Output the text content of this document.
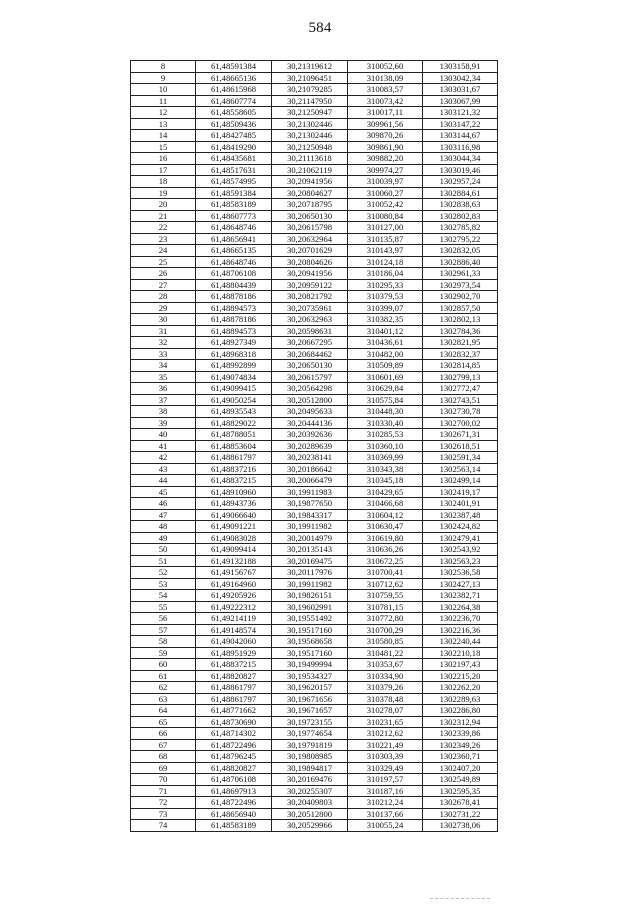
584
8	61,48591384	30,21319612	310052,60	1303158,91
9	61,48665136	30,21096451	310138,09	1303042,34
10	61,48615968	30,21079285	310083,57	1303031,67
11	61,48607774	30,21147950	310073,42	1303067,99
12	61,48558605	30,21250947	310017,11	1303121,32
13	61,48509436	30,21302446	309961,56	1303147,22
14	61,48427485	30,21302446	309870,26	1303144,67
15	61,48419290	30,21250948	309861,90	1303116,98
16	61,48435681	30,21113618	309882,20	1303044,34
17	61,48517631	30,21062119	309974,27	1303019,46
18	61,48574995	30,20941956	310039,97	1302957,24
19	61,48591384	30,20804627	310060,27	1302884,61
20	61,48583189	30,20718795	310052,42	1302838,63
21	61,48607773	30,20650130	310080,84	1302802,83
22	61,48648746	30,20615798	310127,00	1302785,82
23	61,48656941	30,20632964	310135,87	1302795,22
24	61,48665135	30,20701629	310143,97	1302832,05
25	61,48648746	30,20804626	310124,18	1302886,40
26	61,48706108	30,20941956	310186,04	1302961,33
27	61,48804439	30,20959122	310295,33	1302973,54
28	61,48878186	30,20821792	310379,53	1302902,70
29	61,48894573	30,20735961	310399,07	1302857,50
30	61,48878186	30,20632963	310382,35	1302802,13
31	61,48894573	30,20598631	310401,12	1302784,36
32	61,48927349	30,20667295	310436,61	1302821,95
33	61,48968318	30,20684462	310482,00	1302832,37
34	61,48992899	30,20650130	310509,89	1302814,85
35	61,49074834	30,20615797	310601,69	1302799,13
36	61,49099415	30,20564298	310629,84	1302772,47
37	61,49050254	30,20512800	310575,84	1302743,51
38	61,48935543	30,20495633	310448,30	1302730,78
39	61,48829022	30,20444136	310330,40	1302700,02
40	61,48788051	30,20392636	310285,53	1302671,31
41	61,48853604	30,20289639	310360,10	1302618,51
42	61,48861797	30,20238141	310369,99	1302591,34
43	61,48837216	30,20186642	310343,38	1302563,14
44	61,48837215	30,20066479	310345,18	1302499,14
45	61,48910960	30,19911983	310429,65	1302419,17
46	61,48943736	30,19877650	310466,68	1302401,91
47	61,49066640	30,19843317	310604,12	1302387,48
48	61,49091221	30,19911982	310630,47	1302424,82
49	61,49083028	30,20014979	310619,80	1302479,41
50	61,49099414	30,20135143	310636,26	1302543,92
51	61,49132188	30,20169475	310672,25	1302563,23
52	61,49156767	30,20117976	310700,41	1302536,58
53	61,49164960	30,19911982	310712,62	1302427,13
54	61,49205926	30,19826151	310759,55	1302382,71
55	61,49222312	30,19602991	310781,15	1302264,38
56	61,49214119	30,19551492	310772,80	1302236,70
57	61,49148574	30,19517160	310700,29	1302216,36
58	61,49042060	30,19568658	310580,85	1302240,44
59	61,48951929	30,19517160	310481,22	1302210,18
60	61,48837215	30,19499994	310353,67	1302197,43
61	61,48820827	30,19534327	310334,90	1302215,20
62	61,48861797	30,19620157	310379,26	1302262,20
63	61,48861797	30,19671656	310378,48	1302289,63
64	61,48771662	30,19671657	310278,07	1302286,80
65	61,48730690	30,19723155	310231,65	1302312,94
66	61,48714302	30,19774654	310212,62	1302339,86
67	61,48722496	30,19791819	310221,49	1302349,26
68	61,48796245	30,19808985	310303,39	1302360,71
69	61,48820827	30,19894817	310329,49	1302407,20
70	61,48706108	30,20169476	310197,57	1302549,89
71	61,48697913	30,20255307	310187,16	1302595,35
72	61,48722496	30,20409803	310212,24	1302678,41
73	61,48656940	30,20512800	310137,66	1302731,22
74	61,48583189	30,20529966	310055,24	1302738,06
